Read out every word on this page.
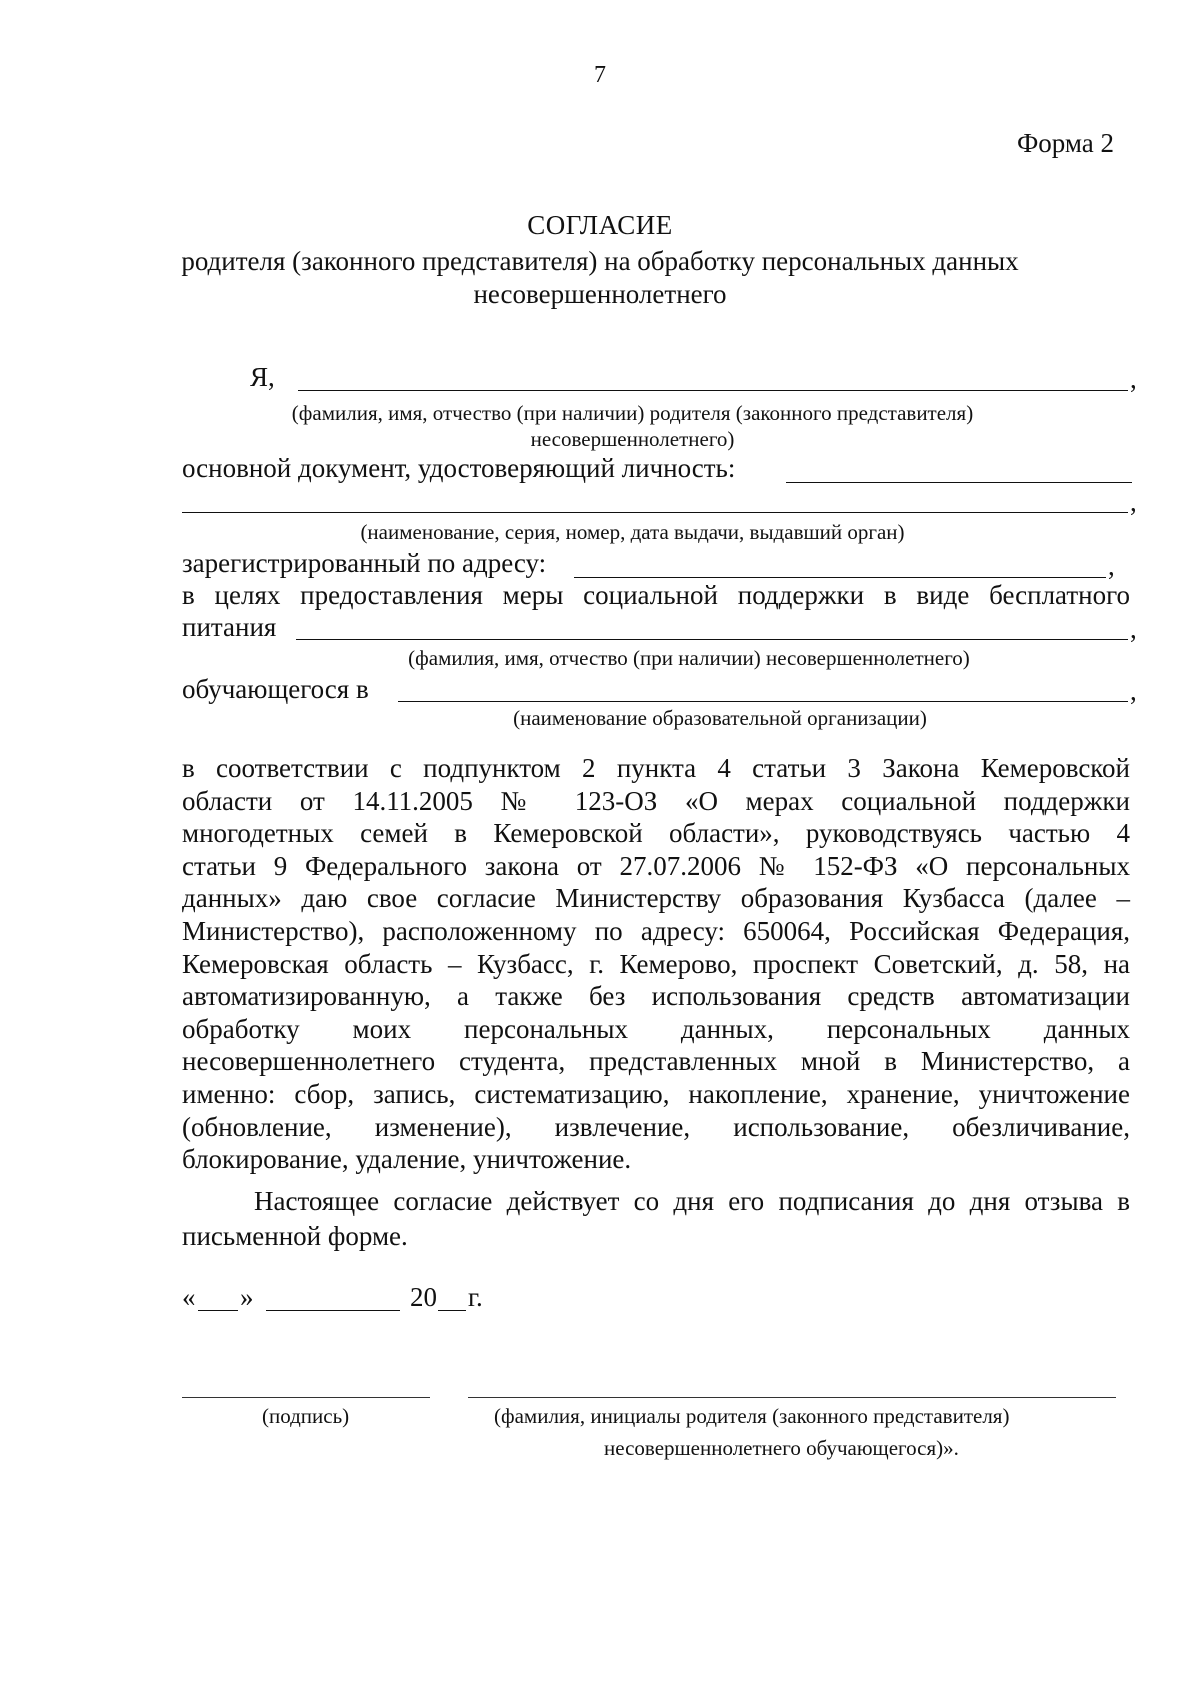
7
Форма 2
СОГЛАСИЕ
родителя (законного представителя) на обработку персональных данных
несовершеннолетнего
Я,	,
(фамилия, имя, отчество (при наличии) родителя (законного представителя)
несовершеннолетнего)
основной документ, удостоверяющий личность:
,
(наименование, серия, номер, дата выдачи, выдавший орган)
зарегистрированный по адресу:	,
в целях предоставления меры социальной поддержки в виде бесплатного
питания	,
(фамилия, имя, отчество (при наличии) несовершеннолетнего)
обучающегося в	,
(наименование образовательной организации)
в соответствии с подпунктом 2 пункта 4 статьи 3 Закона Кемеровской
области от 14.11.2005 № 123-ОЗ «О мерах социальной поддержки
многодетных семей в Кемеровской области», руководствуясь частью 4
статьи 9 Федерального закона от 27.07.2006 № 152-ФЗ «О персональных
данных» даю свое согласие Министерству образования Кузбасса (далее –
Министерство), расположенному по адресу: 650064, Российская Федерация,
Кемеровская область – Кузбасс, г. Кемерово, проспект Советский, д. 58, на
автоматизированную, а также без использования средств автоматизации
обработку моих персональных данных, персональных данных
несовершеннолетнего студента, представленных мной в Министерство, а
именно: сбор, запись, систематизацию, накопление, хранение, уничтожение
(обновление, изменение), извлечение, использование, обезличивание,
блокирование, удаление, уничтожение.
Настоящее согласие действует со дня его подписания до дня отзыва в
письменной форме.
« »	20 г.
(подпись)	(фамилия, инициалы родителя (законного представителя)
несовершеннолетнего обучающегося)».
